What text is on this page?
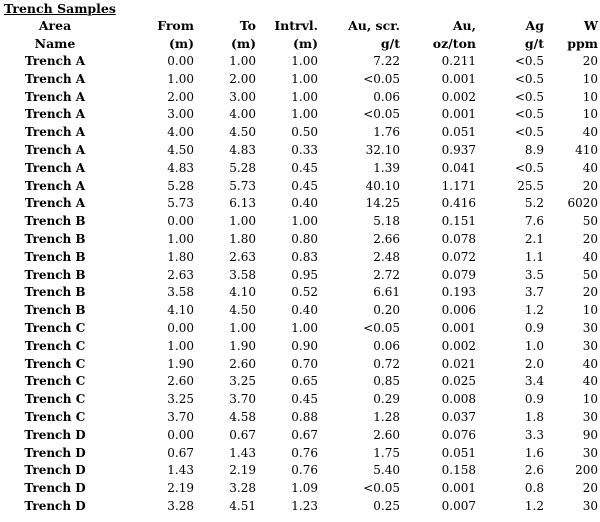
Trench Samples
Area	From	To	Intrvl.	Au, scr.	Au,	Ag	W
Name	(m)	(m)	(m)	g/t	oz/ton	g/t	ppm
Trench A	0.00	1.00	1.00	7.22	0.211	<0.5	20
Trench A	1.00	2.00	1.00	<0.05	0.001	<0.5	10
Trench A	2.00	3.00	1.00	0.06	0.002	<0.5	10
Trench A	3.00	4.00	1.00	<0.05	0.001	<0.5	10
Trench A	4.00	4.50	0.50	1.76	0.051	<0.5	40
Trench A	4.50	4.83	0.33	32.10	0.937	8.9	410
Trench A	4.83	5.28	0.45	1.39	0.041	<0.5	40
Trench A	5.28	5.73	0.45	40.10	1.171	25.5	20
Trench A	5.73	6.13	0.40	14.25	0.416	5.2	6020
Trench B	0.00	1.00	1.00	5.18	0.151	7.6	50
Trench B	1.00	1.80	0.80	2.66	0.078	2.1	20
Trench B	1.80	2.63	0.83	2.48	0.072	1.1	40
Trench B	2.63	3.58	0.95	2.72	0.079	3.5	50
Trench B	3.58	4.10	0.52	6.61	0.193	3.7	20
Trench B	4.10	4.50	0.40	0.20	0.006	1.2	10
Trench C	0.00	1.00	1.00	<0.05	0.001	0.9	30
Trench C	1.00	1.90	0.90	0.06	0.002	1.0	30
Trench C	1.90	2.60	0.70	0.72	0.021	2.0	40
Trench C	2.60	3.25	0.65	0.85	0.025	3.4	40
Trench C	3.25	3.70	0.45	0.29	0.008	0.9	10
Trench C	3.70	4.58	0.88	1.28	0.037	1.8	30
Trench D	0.00	0.67	0.67	2.60	0.076	3.3	90
Trench D	0.67	1.43	0.76	1.75	0.051	1.6	30
Trench D	1.43	2.19	0.76	5.40	0.158	2.6	200
Trench D	2.19	3.28	1.09	<0.05	0.001	0.8	20
Trench D	3.28	4.51	1.23	0.25	0.007	1.2	30
